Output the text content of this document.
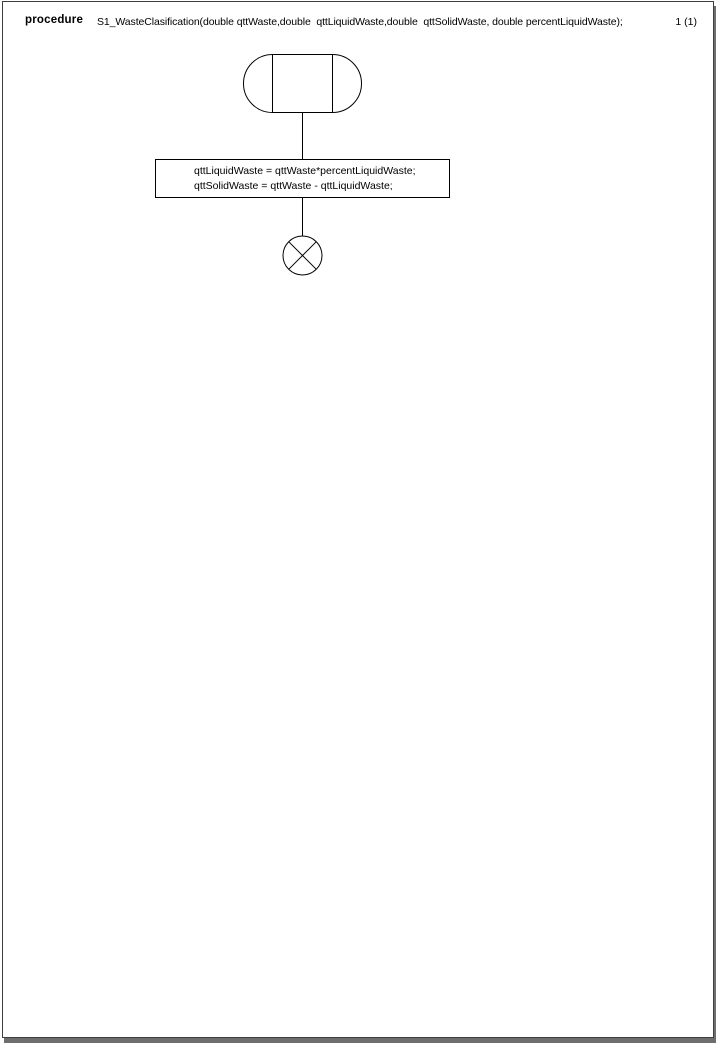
procedure S1_WasteClasification(double qttWaste,double  qttLiquidWaste,double  qttSolidWaste, double percentLiquidWaste);	1 (1)
qttLiquidWaste = qttWaste*percentLiquidWaste;
qttSolidWaste = qttWaste - qttLiquidWaste;
